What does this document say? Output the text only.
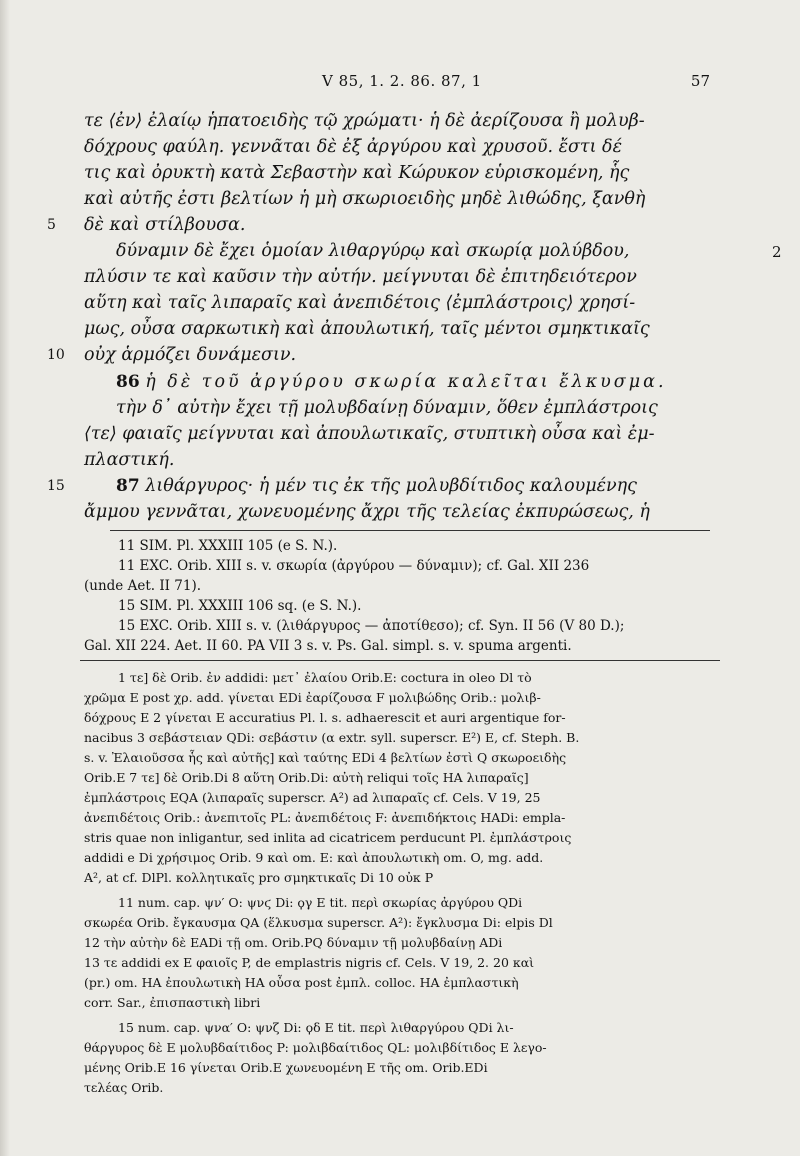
V 85, 1. 2. 86. 87, 1	57
τε ⟨ἐν⟩ ἐλαίῳ ἡπατοειδὴς τῷ χρώματι· ἡ δὲ ἀερίζουσα ἢ μολυβ-
δόχρους φαύλη. γεννᾶται δὲ ἐξ ἀργύρου καὶ χρυσοῦ. ἔστι δέ
τις καὶ ὀρυκτὴ κατὰ Σεβαστὴν καὶ Κώρυκον εὑρισκομένη, ἧς
καὶ αὐτῆς ἐστι βελτίων ἡ μὴ σκωριοειδὴς μηδὲ λιθώδης, ξανθὴ
5 δὲ καὶ στίλβουσα.
δύναμιν δὲ ἔχει ὁμοίαν λιθαργύρῳ καὶ σκωρίᾳ μολύβδου,	2
πλύσιν τε καὶ καῦσιν τὴν αὐτήν. μείγνυται δὲ ἐπιτηδειότερον
αὕτη καὶ ταῖς λιπαραῖς καὶ ἀνεπιδέτοις ⟨ἐμπλάστροις⟩ χρησί-
μως, οὖσα σαρκωτικὴ καὶ ἀπουλωτική, ταῖς μέντοι σμηκτικαῖς
10 οὐχ ἁρμόζει δυνάμεσιν.
86 ἡ δὲ τοῦ ἀργύρου σκωρία καλεῖται ἔλκυσμα.
τὴν δ᾽ αὐτὴν ἔχει τῇ μολυβδαίνῃ δύναμιν, ὅθεν ἐμπλάστροις
⟨τε⟩ φαιαῖς μείγνυται καὶ ἀπουλωτικαῖς, στυπτικὴ οὖσα καὶ ἐμ-
πλαστική.
15	87 λιθάργυρος· ἡ μέν τις ἐκ τῆς μολυβδίτιδος καλουμένης
ἄμμου γεννᾶται, χωνευομένης ἄχρι τῆς τελείας ἐκπυρώσεως, ἡ
11 SIM. Pl. XXXIII 105 (e S. N.).
11 EXC. Orib. XIII s. v. σκωρία (ἀργύρου — δύναμιν); cf. Gal. XII 236
(unde Aet. II 71).
15 SIM. Pl. XXXIII 106 sq. (e S. N.).
15 EXC. Orib. XIII s. v. (λιθάργυρος — ἀποτίθεσο); cf. Syn. II 56 (V 80 D.);
Gal. XII 224. Aet. II 60. PA VII 3 s. v. Ps. Gal. simpl. s. v. spuma argenti.
1 τε] δὲ Orib. ἐν addidi: μετ᾽ ἐλαίου Orib.E: coctura in oleo Dl τὸ
χρῶμα E post χρ. add. γίνεται EDi ἐαρίζουσα F μολιβώδης Orib.: μολιβ-
δόχρους E 2 γίνεται E accuratius Pl. l. s. adhaerescit et auri argentique for-
nacibus 3 σεβάστειαν QDi: σεβάστιν (α extr. syll. superscr. E²) E, cf. Steph. B.
s. v. Ἐλαιοῦσσα ἧς καὶ αὐτῆς] καὶ ταύτης EDi 4 βελτίων ἐστὶ Q σκωροειδὴς
Orib.E 7 τε] δὲ Orib.Di 8 αὕτη Orib.Di: αὐτὴ reliqui τοῖς HA λιπαραῖς]
ἐμπλάστροις EQA (λιπαραῖς superscr. A²) ad λιπαραῖς cf. Cels. V 19, 25
ἀνεπιδέτοις Orib.: ἀνεπιτοῖς PL: ἀνεπιδέτοις F: ἀνεπιδήκτοις HADi: empla-
stris quae non inligantur, sed inlita ad cicatricem perducunt Pl. ἐμπλάστροις
addidi e Di χρήσιμος Orib. 9 καὶ om. E: καὶ ἀπουλωτικὴ om. O, mg. add.
A², at cf. DlPl. κολλητικαῖς pro σμηκτικαῖς Di 10 οὐκ P
11 num. cap. ψν′ O: ψνϛ Di: ϙγ E tit. περὶ σκωρίας ἀργύρου QDi
σκωρέα Orib. ἔγκαυσμα QA (ἕλκυσμα superscr. A²): ἔγκλυσμα Di: elpis Dl
12 τὴν αὐτὴν δὲ EADi τῇ om. Orib.PQ δύναμιν τῇ μολυβδαίνῃ ADi
13 τε addidi ex E φαιοῖς P, de emplastris nigris cf. Cels. V 19, 2. 20 καὶ
(pr.) om. HA ἐπουλωτικὴ HA οὖσα post ἐμπλ. colloc. HA ἐμπλαστικὴ
corr. Sar., ἐπισπαστικὴ libri
15 num. cap. ψνα′ O: ψνζ Di: ϙδ E tit. περὶ λιθαργύρου QDi λι-
θάργυρος δὲ E μολυβδαίτιδος P: μολιβδαίτιδος QL: μολιβδίτιδος E λεγο-
μένης Orib.E 16 γίνεται Orib.E χωνευομένη E τῆς om. Orib.EDi
τελέας Orib.
